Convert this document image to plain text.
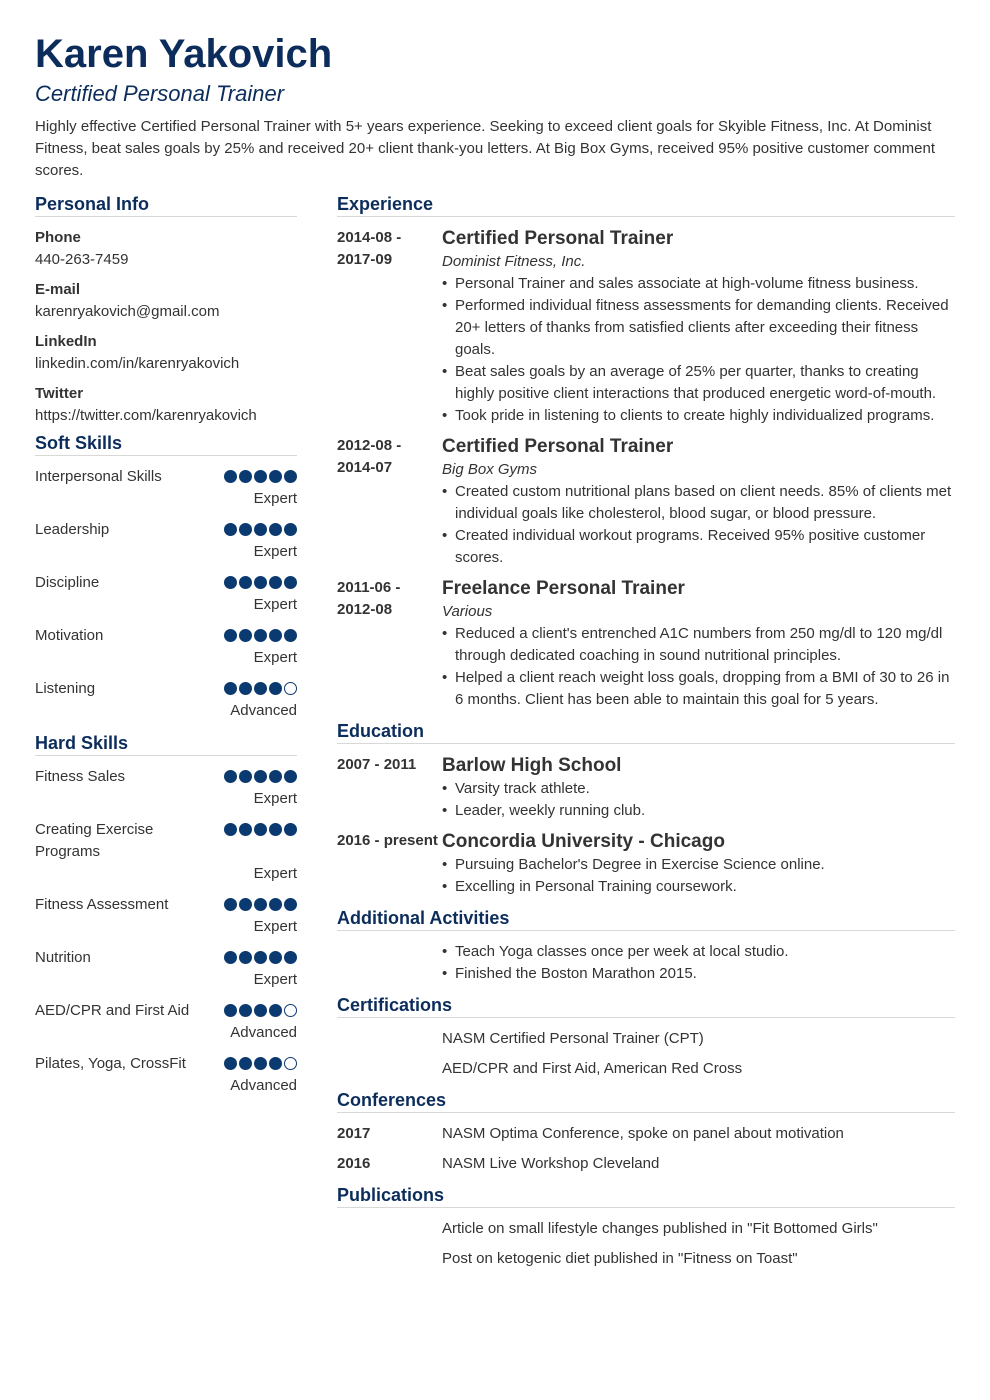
Karen Yakovich
Certified Personal Trainer
Highly effective Certified Personal Trainer with 5+ years experience. Seeking to exceed client goals for Skyible Fitness, Inc. At Dominist Fitness, beat sales goals by 25% and received 20+ client thank-you letters. At Big Box Gyms, received 95% positive customer comment scores.
Personal Info
Phone
440-263-7459
E-mail
karenryakovich@gmail.com
LinkedIn
linkedin.com/in/karenryakovich
Twitter
https://twitter.com/karenryakovich
Soft Skills
Interpersonal Skills
Expert
Leadership
Expert
Discipline
Expert
Motivation
Expert
Listening
Advanced
Hard Skills
Fitness Sales
Expert
Creating Exercise Programs
Expert
Fitness Assessment
Expert
Nutrition
Expert
AED/CPR and First Aid
Advanced
Pilates, Yoga, CrossFit
Advanced
Experience
2014-08 - 2017-09
Certified Personal Trainer
Dominist Fitness, Inc.
• Personal Trainer and sales associate at high-volume fitness business.
• Performed individual fitness assessments for demanding clients. Received 20+ letters of thanks from satisfied clients after exceeding their fitness goals.
• Beat sales goals by an average of 25% per quarter, thanks to creating highly positive client interactions that produced energetic word-of-mouth.
• Took pride in listening to clients to create highly individualized programs.
2012-08 - 2014-07
Certified Personal Trainer
Big Box Gyms
• Created custom nutritional plans based on client needs. 85% of clients met individual goals like cholesterol, blood sugar, or blood pressure.
• Created individual workout programs. Received 95% positive customer scores.
2011-06 - 2012-08
Freelance Personal Trainer
Various
• Reduced a client's entrenched A1C numbers from 250 mg/dl to 120 mg/dl through dedicated coaching in sound nutritional principles.
• Helped a client reach weight loss goals, dropping from a BMI of 30 to 26 in 6 months. Client has been able to maintain this goal for 5 years.
Education
2007 - 2011	Barlow High School
• Varsity track athlete.
• Leader, weekly running club.
2016 - present Concordia University - Chicago
• Pursuing Bachelor's Degree in Exercise Science online.
• Excelling in Personal Training coursework.
Additional Activities
• Teach Yoga classes once per week at local studio.
• Finished the Boston Marathon 2015.
Certifications
NASM Certified Personal Trainer (CPT)
AED/CPR and First Aid, American Red Cross
Conferences
2017	NASM Optima Conference, spoke on panel about motivation
2016	NASM Live Workshop Cleveland
Publications
Article on small lifestyle changes published in "Fit Bottomed Girls"
Post on ketogenic diet published in "Fitness on Toast"
